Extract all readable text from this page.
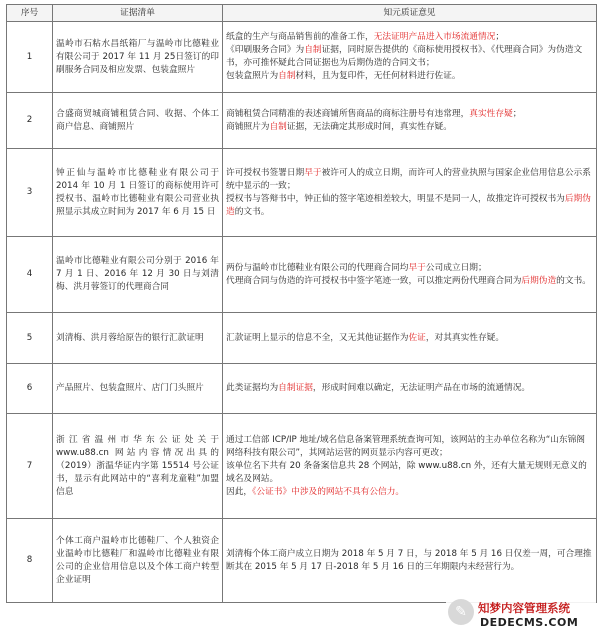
序号	证据清单	知元质证意见
1	温岭市石粘水昌纸箱厂与温岭市比德鞋业有限公司于 2017 年 11 月 25日签订的印刷服务合同及相应发票、包装盒照片	纸盒的生产与商品销售前的准备工作，无法证明产品进入市场流通情况；
《印刷服务合同》为自制证据，同时原告提供的《商标使用授权书》、《代理商合同》为伪造文书，亦可推怀疑此合同证据也为后期伪造的合同文书；
包装盒照片为自制材料，且为复印件，无任何材料进行佐证。

2	合盛商贸城商铺租赁合同、收据、个体工商户信息、商铺照片	商铺租赁合同精准的表述商铺所售商品的商标注册号有违常理，真实性存疑；
商铺照片为自制证据，无法确定其形成时间，真实性存疑。

3	钟正仙与温岭市比德鞋业有限公司于 2014 年 10 月 1 日签订的商标使用许可授权书、温岭市比德鞋业有限公司营业执照显示其成立时间为 2017 年 6 月 15 日	许可授权书签署日期早于被许可人的成立日期，而许可人的营业执照与国家企业信用信息公示系统中显示的一致；
授权书与答辩书中，钟正仙的签字笔迹相差较大，明显不是同一人，故推定许可授权书为后期伪造的文书。

4	温岭市比德鞋业有限公司分别于 2016 年 7 月 1 日、2016 年 12 月 30 日与刘清梅、洪月蓉签订的代理商合同	两份与温岭市比德鞋业有限公司的代理商合同均早于公司成立日期；
代理商合同与伪造的许可授权书中签字笔迹一致，可以推定两份代理商合同为后期伪造的文书。

5	刘清梅、洪月蓉给原告的银行汇款证明	汇款证明上显示的信息不全，又无其他证据作为佐证，对其真实性存疑。

6	产品照片、包装盒照片、店门门头照片	此类证据均为自制证据，形成时间难以确定，无法证明产品在市场的流通情况。

7	浙江省温州市华东公证处关于www.u88.cn 网站内容情况出具的（2019）浙温华证内字第 15514 号公证书，显示有此网站中的“喜利龙童鞋”加盟信息	通过工信部 ICP/IP 地址/域名信息备案管理系统查询可知，该网站的主办单位名称为“山东锦阁网络科技有限公司”，其网站运营的网页显示内容可更改；
该单位名下共有 20 条备案信息共 28 个网站，除 www.u88.cn 外，还有大量无规则无意义的域名及网站。
因此，《公证书》中涉及的网站不具有公信力。

8	个体工商户温岭市比德鞋厂、个人独资企业温岭市比德鞋厂和温岭市比德鞋业有限公司的企业信用信息以及个体工商户转型企业证明	刘清梅个体工商户成立日期为 2018 年 5 月 7 日，与 2018 年 5 月 16 日仅差一周，可合理推断其在 2015 年 5 月 17 日-2018 年 5 月 16 日的三年期限内未经营行为。
✎ 知梦内容管理系统
DEDECMS.COM
